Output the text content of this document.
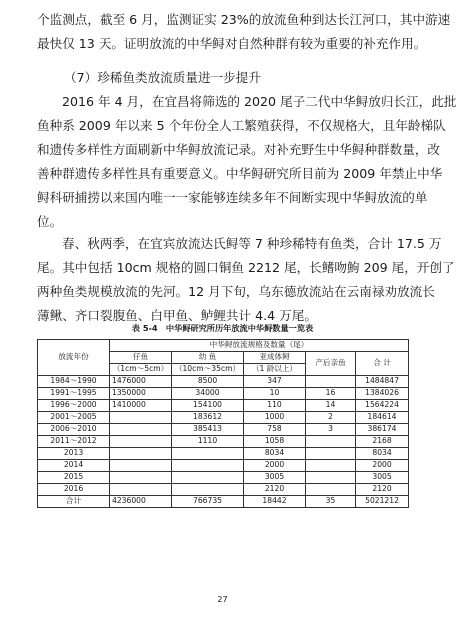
个监测点，截至 6 月，监测证实 23%的放流鱼种到达长江河口，其中游速
最快仅 13 天。证明放流的中华鲟对自然种群有较为重要的补充作用。
（7）珍稀鱼类放流质量进一步提升
2016 年 4 月，在宜昌将筛选的 2020 尾子二代中华鲟放归长江，此批
鱼种系 2009 年以来 5 个年份全人工繁殖获得，不仅规格大，且年龄梯队
和遗传多样性方面刷新中华鲟放流记录。对补充野生中华鲟种群数量，改
善种群遗传多样性具有重要意义。中华鲟研究所目前为 2009 年禁止中华
鲟科研捕捞以来国内唯一一家能够连续多年不间断实现中华鲟放流的单
位。
春、秋两季，在宜宾放流达氏鲟等 7 种珍稀特有鱼类，合计 17.5 万
尾。其中包括 10cm 规格的圆口铜鱼 2212 尾，长鳍吻鮈 209 尾，开创了
两种鱼类规模放流的先河。12 月下旬，乌东德放流站在云南禄劝放流长
薄鳅、齐口裂腹鱼、白甲鱼、鲈鲤共计 4.4 万尾。
表 5-4　中华鲟研究所历年放流中华鲟数量一览表
放流年份	中华鲟放流规格及数量（尾）				
	仔鱼	幼 鱼	亚成体鲟	产后亲鱼	合 计
	（1cm～5cm）	（10cm～35cm）	（1 龄以上）		
1984～1990	1476000	8500	347		1484847
1991～1995	1350000	34000	10	16	1384026
1996～2000	1410000	154100	110	14	1564224
2001～2005		183612	1000	2	184614
2006～2010		385413	758	3	386174
2011～2012		1110	1058		2168
2013			8034		8034
2014			2000		2000
2015			3005		3005
2016			2120		2120
合计	4236000	766735	18442	35	5021212
27
